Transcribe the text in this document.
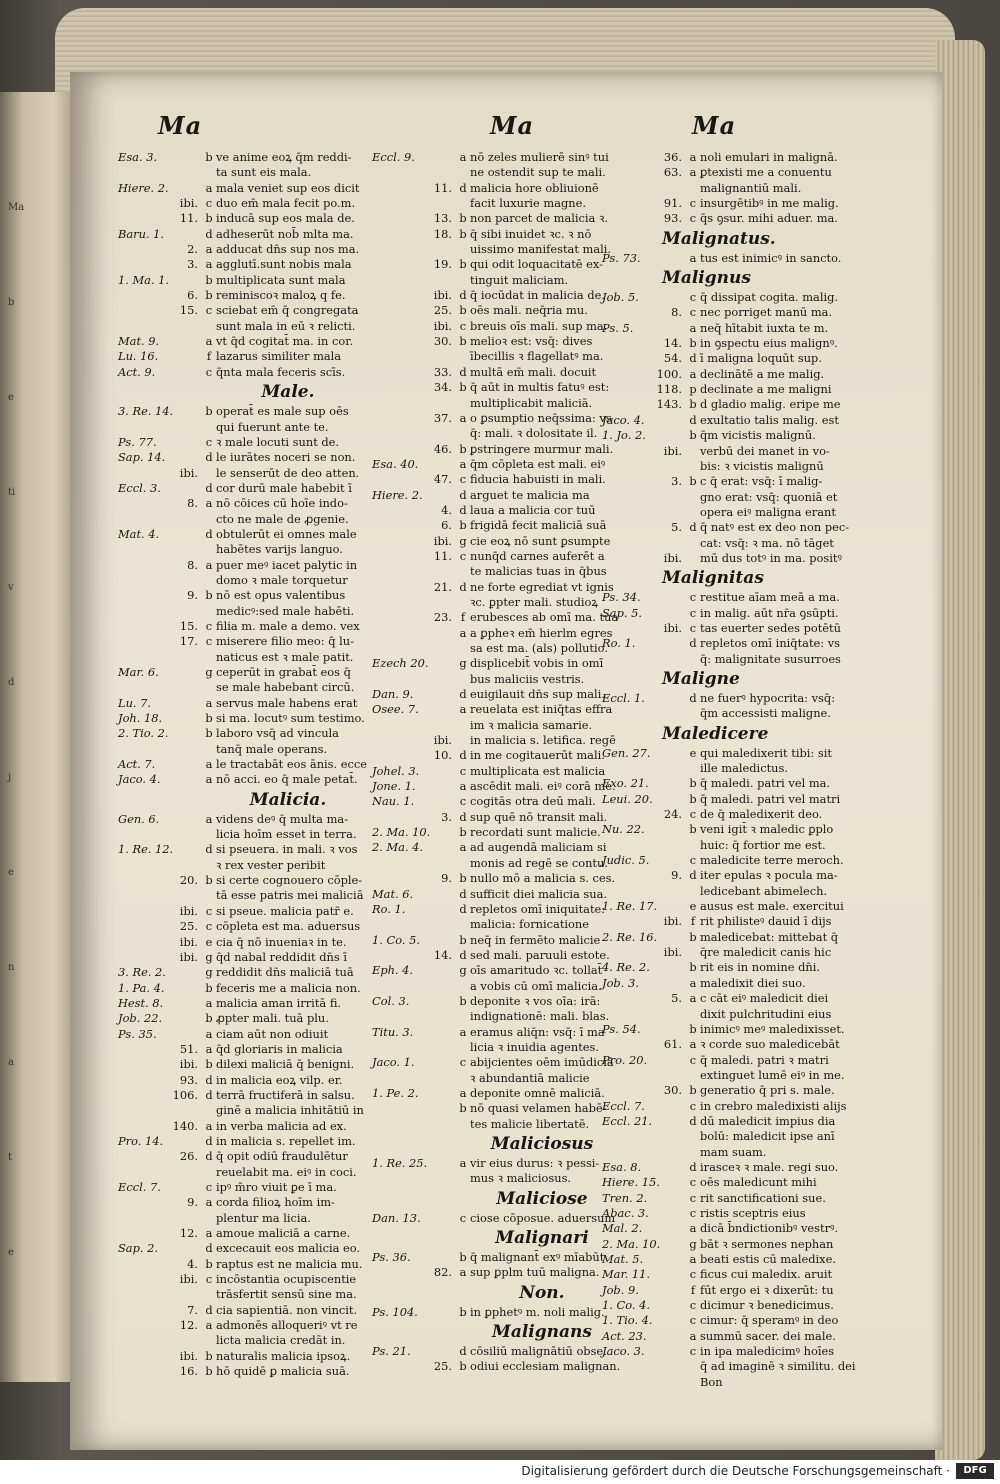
Ma
b
e
ti
v
d
j
e
n
a
t
e
Ma
Esa. 3.	b ve anime eoꝝ q̄m reddi-
ta sunt eis mala.
Hiere. 2.	a mala veniet sup eos dicit
ibi. c duo em̄ mala fecit po.m.
11. b inducā sup eos mala de.
Baru. 1.	d adheserūt nob̄ mlta ma.
2. a adducat dn̄s sup nos ma.
3. a agglutī.sunt nobis mala
1. Ma. 1.	b multiplicata sunt mala
6. b reminiscoꝛ maloꝝ q fe.
15. c sciebat em̄ q̄ congregata
sunt mala in eū ꝛ relicti.
Mat. 9.	a vt q̄d cogitat̄ ma. in cor.
Lu. 16.	f lazarus similiter mala
Act. 9.	c q̄nta mala feceris scīs.
Male.
3. Re. 14.	b operat̄ es male sup oēs
qui fuerunt ante te.
Ps. 77.	c ꝛ male locuti sunt de.
Sap. 14.	d le iurātes noceri se non.
ibi.	le senserūt de deo atten.
Eccl. 3.	d cor durū male habebit ī
8. a nō cōices cū hoīe indo-
cto ne male de ꝓgenie.
Mat. 4.	d obtulerūt ei omnes male
habētes varijs languo.
8. a puer meꝰ iacet palytic in
domo ꝛ male torquetur
9. b nō est opus valentibus
medicꝰ:sed male habēti.
15. c filia m. male a demo. vex
17. c miserere filio meo: q̄ lu-
naticus est ꝛ male patit.
Mar. 6.	g ceperūt in grabat̄ eos q̄
se male habebant circū.
Lu. 7.	a servus male habens erat
Joh. 18.	b si ma. locutꝰ sum testimo.
2. Tio. 2.	b laboro vsq̄ ad vincula
tanq̄ male operans.
Act. 7.	a le tractabāt eos ānis. ecce
Jaco. 4.	a nō acci. eo q̄ male petat̄.
Malicia.
Gen. 6.	a videns deꝰ q̄ multa ma-
licia hoīm esset in terra.
1. Re. 12.	d si pseuera. in mali. ꝛ vos
ꝛ rex vester peribit
20. b si certe cognouero cōple-
tā esse patris mei maliciā
ibi. c si pseue. malicia patr̄ e.
25. c cōpleta est ma. aduersus
ibi. e cia q̄ nō inueniaꝛ in te.
ibi. g q̄d nabal reddidit dn̄s ī
3. Re. 2.	g reddidit dn̄s maliciā tuā
1. Pa. 4.	b feceris me a malicia non.
Hest. 8.	a malicia aman irritā fi.
Job. 22.	b ꝓpter mali. tuā plu.
Ps. 35.	a ciam aūt non odiuit
51. a q̄d gloriaris in malicia
ibi. b dilexi maliciā q̄ benigni.
93. d in malicia eoꝝ vilp. er.
106. d terrā fructiferā in salsu.
ginē a malicia inhitātiū in
140. a in verba malicia ad ex.
Pro. 14.	d in malicia s. repellet im.
26. d q̄ opit odiū fraudulētur
reuelabit ma. eiꝰ in coci.
Eccl. 7.	c ipꝰ m̄ro viuit ꝑe ī ma.
9. a corda filioꝝ hoīm im-
plentur ma licia.
12. a amoue maliciā a carne.
Sap. 2.	d excecauit eos malicia eo.
4. b raptus est ne malicia mu.
ibi. c incōstantia ocupiscentie
trāsfertit sensū sine ma.
7. d cia sapientiā. non vincit.
12. a admonēs alloqueriꝰ vt re
licta malicia credāt in.
ibi. b naturalis malicia ipsoꝝ.
16. b hō quidē ꝑ malicia suā.
Ma
Eccl. 9.	a nō zeles mulierē sinꝰ tui
ne ostendit sup te mali.
11. d malicia hore obliuionē
facit luxurie magne.
13. b non parcet de malicia ꝛ.
18. b q̄ sibi inuidet ꝛc. ꝛ nō
uissimo manifestat mali.
19. b qui odit loquacitatē ex-
tinguit maliciam.
ibi. d q̄ iocūdat in malicia de.
25. b oēs mali. neq̄ria mu.
ibi. c breuis oīs mali. sup ma.
30. b melioꝛ est: vsq̄: dives
ībecillis ꝛ flagellatꝰ ma.
33. d multā em̄ mali. docuit
34. b q̄ aūt in multis fatuꝰ est:
multiplicabit maliciā.
37. a o ꝑsumptio neq̄ssima: vs
q̄: mali. ꝛ dolositate il.
46. b ꝑstringere murmur mali.
Esa. 40.	a q̄m cōpleta est mali. eiꝰ
47. c fiducia habuisti in mali.
Hiere. 2.	d arguet te malicia ma
4. d laua a malicia cor tuū
6. b frigidā fecit maliciā suā
ibi. g cie eoꝝ nō sunt ꝑsumpte
11. c nunq̄d carnes auferēt a
te malicias tuas in q̄bus
21. d ne forte egrediat vt ignis
ꝛc. ꝑpter mali. studioꝝ
23. f erubesces ab omī ma. tua
a a ꝑpheꝛ em̄ hierlm egres
sa est ma. (als) pollutio.
Ezech 20.	g displicebit̄ vobis in omī
bus maliciis vestris.
Dan. 9.	d euigilauit dn̄s sup mali.
Osee. 7.	a reuelata est iniq̄tas effra
im ꝛ malicia samarie.
ibi.	in malicia s. letifica. regē
10. d in me cogitauerūt mali.
Johel. 3.	c multiplicata est malicia
Jone. 1.	a ascēdit mali. eiꝰ corā me.
Nau. 1.	c cogitās otra deū mali.
3. d sup quē nō transit mali.
2. Ma. 10.	b recordati sunt malicie.
2. Ma. 4.	a ad augendā maliciam si
monis ad regē se contu.
9. b nullo mō a malicia s. ces.
Mat. 6.	d sufficit diei malicia sua.
Ro. 1.	d repletos omī iniquitate:
malicia: fornicatione
1. Co. 5.	b neq̄ in fermēto malicie
14. d sed mali. paruuli estote.
Eph. 4.	g oīs amaritudo ꝛc. tollat̄
a vobis cū omī malicia.
Col. 3.	b deponite ꝛ vos oīa: irā:
indignationē: mali. blas.
Titu. 3.	a eramus aliq̄n: vsq̄: ī ma
licia ꝛ inuidia agentes.
Jaco. 1.	c abijcientes oēm imūdiciā
ꝛ abundantiā malicie
1. Pe. 2.	a deponite omnē maliciā.
b nō quasi velamen habē-
tes malicie libertatē.
Maliciosus
1. Re. 25.	a vir eius durus: ꝛ pessi-
mus ꝛ maliciosus.
Maliciose
Dan. 13.	c ciose cōposue. aduersum
Malignari
Ps. 36.	b q̄ malignant̄ exꝰ mīabūt
82. a sup ꝑplm tuū maligna.
Non.
Ps. 104.	b in ꝑphetꝰ m. noli malig.
Malignans
Ps. 21.	d cōsiliū malignātiū obse.
25. b odiui ecclesiam malignan.
Ma
36. a noli emulari in malignā.
63. a ꝑtexisti me a conuentu
malignantiū mali.
91. c insurgētibꝰ in me malig.
93. c q̄s ꝯsur. mihi aduer. ma.
Malignatus.
Ps. 73.	a tus est inimicꝰ in sancto.
Malignus
Job. 5.	c q̄ dissipat cogita. malig.
8. c nec porriget manū ma.
Ps. 5.	a neq̄ hītabit iuxta te m.
14. b in ꝯspectu eius malignꝰ.
54. d ī maligna loquūt sup.
100. a declinātē a me malig.
118. p declinate a me maligni
143. b d gladio malig. eripe me
Jaco. 4.	d exultatio talis malig. est
1. Jo. 2.	b q̄m vicistis malignū.
ibi.	verbū dei manet in vo-
bis: ꝛ vicistis malignū
3. b c q̄ erat: vsq̄: ī malig-
gno erat: vsq̄: quoniā et
opera eiꝰ maligna erant
5. d q̄ natꝰ est ex deo non pec-
cat: vsq̄: ꝛ ma. nō tāget
ibi.	mū dus totꝰ in ma. positꝰ
Malignitas
Ps. 34.	c restitue aīam meā a ma.
Sap. 5.	c in malig. aūt nr̄a ꝯsūpti.
ibi. c tas euerter sedes potētū
Ro. 1.	d repletos omī iniq̄tate: vs
q̄: malignitate susurroes
Maligne
Eccl. 1.	d ne fuerꝰ hypocrita: vsq̄:
q̄m accessisti maligne.
Maledicere
Gen. 27.	e qui maledixerit tibi: sit
ille maledictus.
Exo. 21.	b q̄ maledi. patri vel ma.
Leui. 20.	b q̄ maledi. patri vel matri
24. c de q̄ maledixerit deo.
Nu. 22.	b veni igit̄ ꝛ maledic ꝑplo
huic: q̄ fortior me est.
Judic. 5.	c maledicite terre meroch.
9. d iter epulas ꝛ pocula ma-
ledicebant abimelech.
1. Re. 17.	e ausus est male. exercitui
ibi. f rit philisteꝰ dauid ī dijs
2. Re. 16.	b maledicebat: mittebat q̄
ibi.	q̄re maledicit canis hic
4. Re. 2.	b rit eis in nomine dn̄i.
Job. 3.	a maledixit diei suo.
5. a c cāt eiꝰ maledicit diei
dixit pulchritudini eius
Ps. 54.	b inimicꝰ meꝰ maledixisset.
61. a ꝛ corde suo maledicebāt
Pro. 20.	c q̄ maledi. patri ꝛ matri
extinguet lumē eiꝰ in me.
30. b generatio q̄ pri s. male.
Eccl. 7.	c in crebro maledixisti alijs
Eccl. 21.	d dū maledicit impius dia
bolū: maledicit ipse anī
mam suam.
Esa. 8.	d irasceꝛ ꝛ male. regi suo.
Hiere. 15.	c oēs maledicunt mihi
Tren. 2.	c rit sanctificationi sue.
Abac. 3.	c ristis sceptris eius
Mal. 2.	a dicā b̄ndictionibꝰ vestrꝰ.
2. Ma. 10.	g bāt ꝛ sermones nephan
Mat. 5.	a beati estis cū maledixe.
Mar. 11.	c ficus cui maledix. aruit
Job. 9.	f fūt ergo ei ꝛ dixerūt: tu
1. Co. 4.	c dicimur ꝛ benedicimus.
1. Tio. 4.	c cimur: q̄ speramꝰ in deo
Act. 23.	a summū sacer. dei male.
Jaco. 3.	c in ipa maledicimꝰ hoīes
q̄ ad imaginē ꝛ similitu. dei
Bon
Digitalisierung gefördert durch die Deutsche Forschungsgemeinschaft ·	DFG
